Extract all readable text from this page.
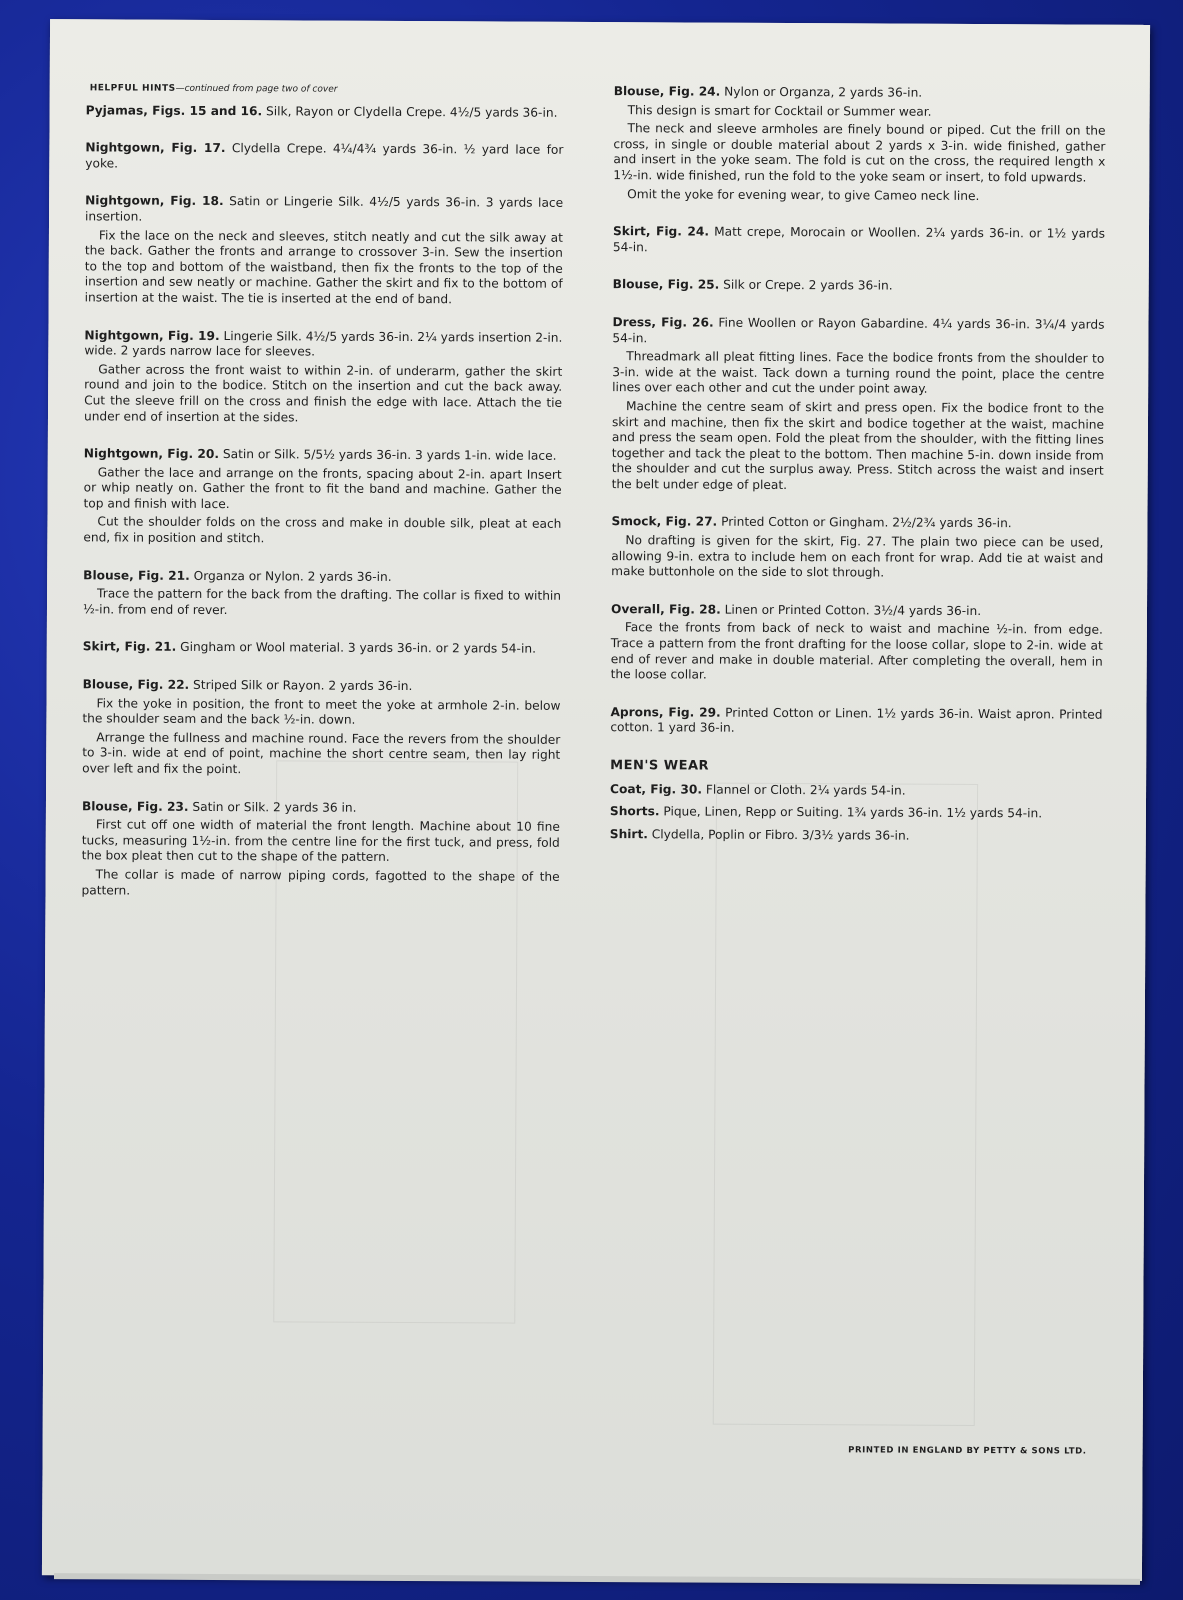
HELPFUL HINTS—continued from page two of cover

Pyjamas, Figs. 15 and 16. Silk, Rayon or Clydella Crepe. 4½/5 yards 36-in.

Nightgown, Fig. 17. Clydella Crepe. 4¼/4¾ yards 36-in. ½ yard lace for yoke.

Nightgown, Fig. 18. Satin or Lingerie Silk. 4½/5 yards 36-in. 3 yards lace insertion.

Fix the lace on the neck and sleeves, stitch neatly and cut the silk away at the back. Gather the fronts and arrange to crossover 3-in. Sew the insertion to the top and bottom of the waistband, then fix the fronts to the top of the insertion and sew neatly or machine. Gather the skirt and fix to the bottom of insertion at the waist. The tie is inserted at the end of band.

Nightgown, Fig. 19. Lingerie Silk. 4½/5 yards 36-in. 2¼ yards insertion 2-in. wide. 2 yards narrow lace for sleeves.

Gather across the front waist to within 2-in. of underarm, gather the skirt round and join to the bodice. Stitch on the insertion and cut the back away. Cut the sleeve frill on the cross and finish the edge with lace. Attach the tie under end of insertion at the sides.

Nightgown, Fig. 20. Satin or Silk. 5/5½ yards 36-in. 3 yards 1-in. wide lace.

Gather the lace and arrange on the fronts, spacing about 2-in. apart Insert or whip neatly on. Gather the front to fit the band and machine. Gather the top and finish with lace.

Cut the shoulder folds on the cross and make in double silk, pleat at each end, fix in position and stitch.

Blouse, Fig. 21. Organza or Nylon. 2 yards 36-in.

Trace the pattern for the back from the drafting. The collar is fixed to within ½-in. from end of rever.

Skirt, Fig. 21. Gingham or Wool material. 3 yards 36-in. or 2 yards 54-in.

Blouse, Fig. 22. Striped Silk or Rayon. 2 yards 36-in.

Fix the yoke in position, the front to meet the yoke at armhole 2-in. below the shoulder seam and the back ½-in. down.

Arrange the fullness and machine round. Face the revers from the shoulder to 3-in. wide at end of point, machine the short centre seam, then lay right over left and fix the point.

Blouse, Fig. 23. Satin or Silk. 2 yards 36 in.

First cut off one width of material the front length. Machine about 10 fine tucks, measuring 1½-in. from the centre line for the first tuck, and press, fold the box pleat then cut to the shape of the pattern.

The collar is made of narrow piping cords, fagotted to the shape of the pattern.

Blouse, Fig. 24. Nylon or Organza, 2 yards 36-in.

This design is smart for Cocktail or Summer wear.

The neck and sleeve armholes are finely bound or piped. Cut the frill on the cross, in single or double material about 2 yards x 3-in. wide finished, gather and insert in the yoke seam. The fold is cut on the cross, the required length x 1½-in. wide finished, run the fold to the yoke seam or insert, to fold upwards.

Omit the yoke for evening wear, to give Cameo neck line.

Skirt, Fig. 24. Matt crepe, Morocain or Woollen. 2¼ yards 36-in. or 1½ yards 54-in.

Blouse, Fig. 25. Silk or Crepe. 2 yards 36-in.

Dress, Fig. 26. Fine Woollen or Rayon Gabardine. 4¼ yards 36-in. 3¼/4 yards 54-in.

Threadmark all pleat fitting lines. Face the bodice fronts from the shoulder to 3-in. wide at the waist. Tack down a turning round the point, place the centre lines over each other and cut the under point away.

Machine the centre seam of skirt and press open. Fix the bodice front to the skirt and machine, then fix the skirt and bodice together at the waist, machine and press the seam open. Fold the pleat from the shoulder, with the fitting lines together and tack the pleat to the bottom. Then machine 5-in. down inside from the shoulder and cut the surplus away. Press. Stitch across the waist and insert the belt under edge of pleat.

Smock, Fig. 27. Printed Cotton or Gingham. 2½/2¾ yards 36-in.

No drafting is given for the skirt, Fig. 27. The plain two piece can be used, allowing 9-in. extra to include hem on each front for wrap. Add tie at waist and make buttonhole on the side to slot through.

Overall, Fig. 28. Linen or Printed Cotton. 3½/4 yards 36-in.

Face the fronts from back of neck to waist and machine ½-in. from edge. Trace a pattern from the front drafting for the loose collar, slope to 2-in. wide at end of rever and make in double material. After completing the overall, hem in the loose collar.

Aprons, Fig. 29. Printed Cotton or Linen. 1½ yards 36-in. Waist apron. Printed cotton. 1 yard 36-in.

MEN'S WEAR

Coat, Fig. 30. Flannel or Cloth. 2¼ yards 54-in.

Shorts. Pique, Linen, Repp or Suiting. 1¾ yards 36-in. 1½ yards 54-in.

Shirt. Clydella, Poplin or Fibro. 3/3½ yards 36-in.

PRINTED IN ENGLAND BY PETTY & SONS LTD.
